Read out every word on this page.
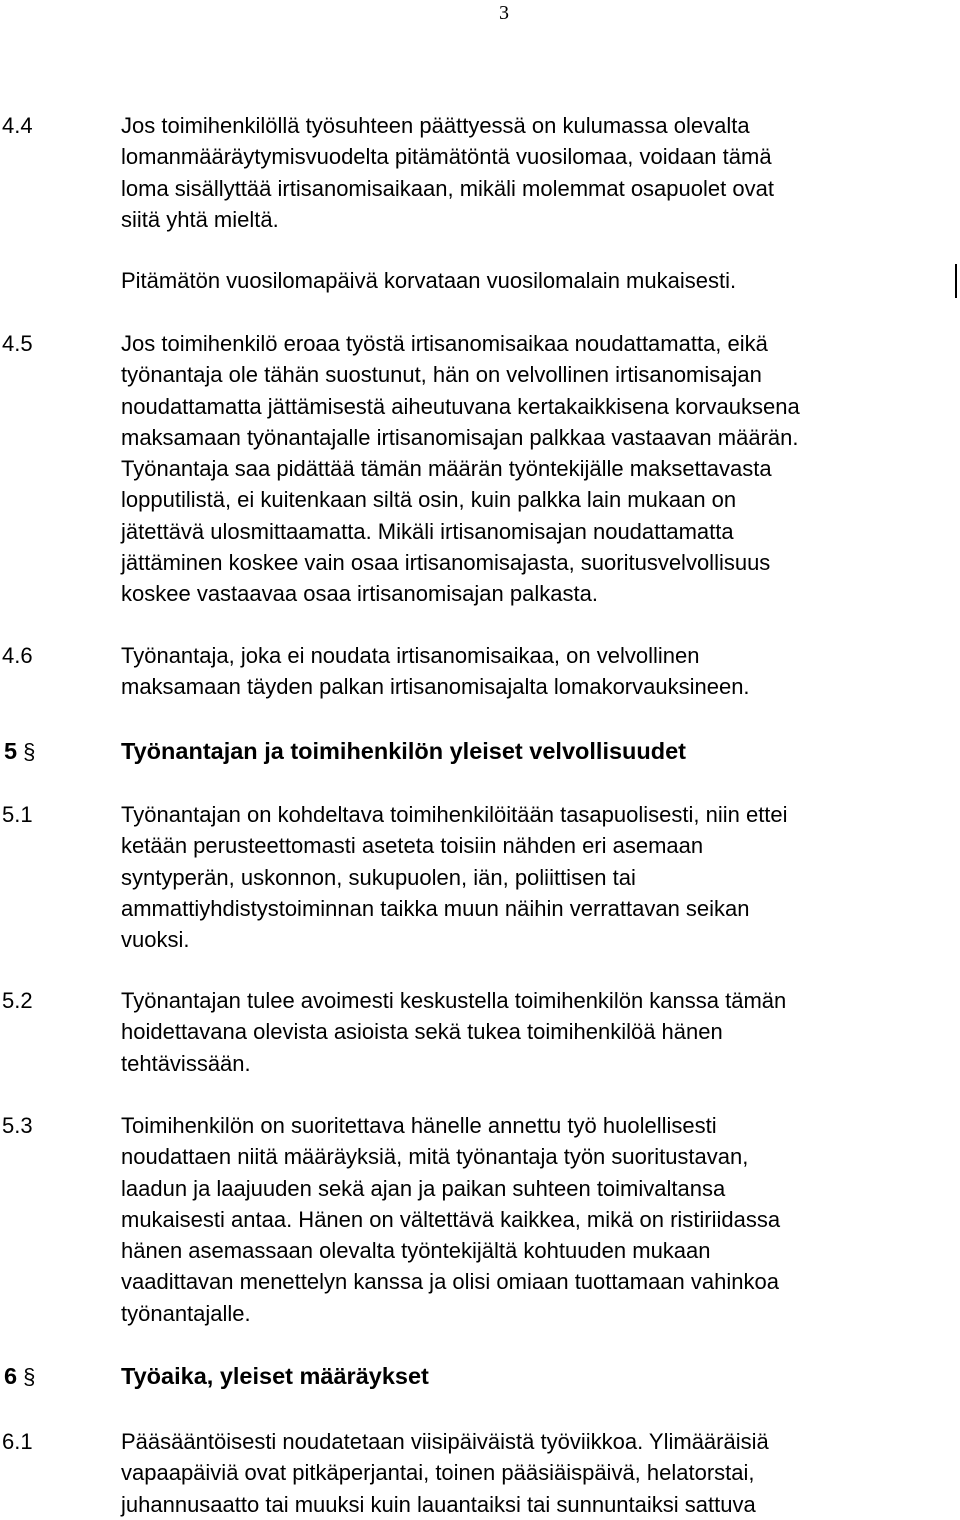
3
4.4	Jos toimihenkilöllä työsuhteen päättyessä on kulumassa olevalta
lomanmääräytymisvuodelta pitämätöntä vuosilomaa, voidaan tämä
loma sisällyttää irtisanomisaikaan, mikäli molemmat osapuolet ovat
siitä yhtä mieltä.
Pitämätön vuosilomapäivä korvataan vuosilomalain mukaisesti.
4.5	Jos toimihenkilö eroaa työstä irtisanomisaikaa noudattamatta, eikä
työnantaja ole tähän suostunut, hän on velvollinen irtisanomisajan
noudattamatta jättämisestä aiheutuvana kertakaikkisena korvauksena
maksamaan työnantajalle irtisanomisajan palkkaa vastaavan määrän.
Työnantaja saa pidättää tämän määrän työntekijälle maksettavasta
lopputilistä, ei kuitenkaan siltä osin, kuin palkka lain mukaan on
jätettävä ulosmittaamatta. Mikäli irtisanomisajan noudattamatta
jättäminen koskee vain osaa irtisanomisajasta, suoritusvelvollisuus
koskee vastaavaa osaa irtisanomisajan palkasta.
4.6	Työnantaja, joka ei noudata irtisanomisaikaa, on velvollinen
maksamaan täyden palkan irtisanomisajalta lomakorvauksineen.
5 §	Työnantajan ja toimihenkilön yleiset velvollisuudet
5.1	Työnantajan on kohdeltava toimihenkilöitään tasapuolisesti, niin ettei
ketään perusteettomasti aseteta toisiin nähden eri asemaan
syntyperän, uskonnon, sukupuolen, iän, poliittisen tai
ammattiyhdistystoiminnan taikka muun näihin verrattavan seikan
vuoksi.
5.2	Työnantajan tulee avoimesti keskustella toimihenkilön kanssa tämän
hoidettavana olevista asioista sekä tukea toimihenkilöä hänen
tehtävissään.
5.3	Toimihenkilön on suoritettava hänelle annettu työ huolellisesti
noudattaen niitä määräyksiä, mitä työnantaja työn suoritustavan,
laadun ja laajuuden sekä ajan ja paikan suhteen toimivaltansa
mukaisesti antaa. Hänen on vältettävä kaikkea, mikä on ristiriidassa
hänen asemassaan olevalta työntekijältä kohtuuden mukaan
vaadittavan menettelyn kanssa ja olisi omiaan tuottamaan vahinkoa
työnantajalle.
6 §	Työaika, yleiset määräykset
6.1	Pääsääntöisesti noudatetaan viisipäiväistä työviikkoa. Ylimääräisiä
vapaapäiviä ovat pitkäperjantai, toinen pääsiäispäivä, helatorstai,
juhannusaatto tai muuksi kuin lauantaiksi tai sunnuntaiksi sattuva
